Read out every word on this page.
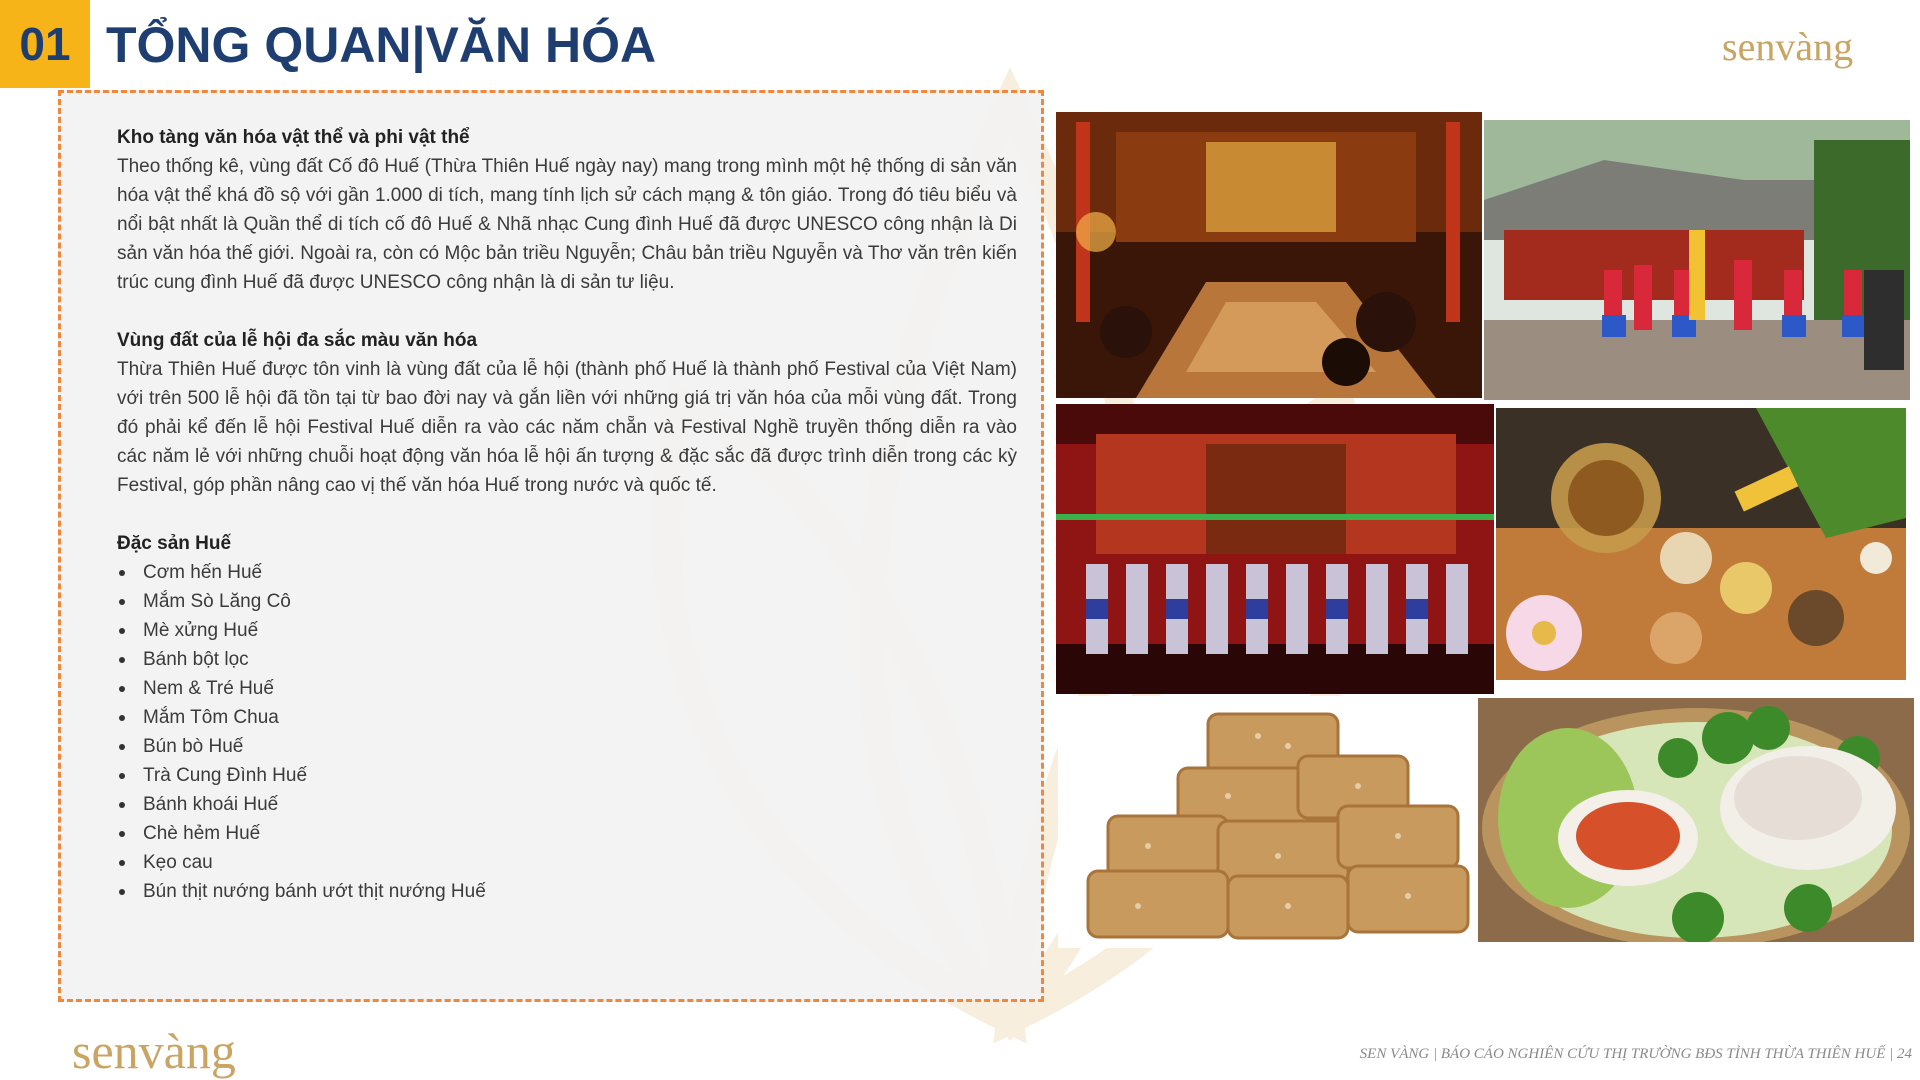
01 TỔNG QUAN|VĂN HÓA	senvàng

Kho tàng văn hóa vật thể và phi vật thể

Theo thống kê, vùng đất Cố đô Huế (Thừa Thiên Huế ngày nay) mang trong mình một hệ thống di sản văn hóa vật thể khá đồ sộ với gần 1.000 di tích, mang tính lịch sử cách mạng & tôn giáo. Trong đó tiêu biểu và nổi bật nhất là Quần thể di tích cố đô Huế & Nhã nhạc Cung đình Huế đã được UNESCO công nhận là Di sản văn hóa thế giới. Ngoài ra, còn có Mộc bản triều Nguyễn; Châu bản triều Nguyễn và Thơ văn trên kiến trúc cung đình Huế đã được UNESCO công nhận là di sản tư liệu.

Vùng đất của lễ hội đa sắc màu văn hóa

Thừa Thiên Huế được tôn vinh là vùng đất của lễ hội (thành phố Huế là thành phố Festival của Việt Nam) với trên 500 lễ hội đã tồn tại từ bao đời nay và gắn liền với những giá trị văn hóa của mỗi vùng đất. Trong đó phải kể đến lễ hội Festival Huế diễn ra vào các năm chẵn và Festival Nghề truyền thống diễn ra vào các năm lẻ với những chuỗi hoạt động văn hóa lễ hội ấn tượng & đặc sắc đã được trình diễn trong các kỳ Festival, góp phần nâng cao vị thế văn hóa Huế trong nước và quốc tế.

Đặc sản Huế

Cơm hến Huế
Mắm Sò Lăng Cô
Mè xửng Huế
Bánh bột lọc
Nem & Tré Huế
Mắm Tôm Chua
Bún bò Huế
Trà Cung Đình Huế
Bánh khoái Huế
Chè hẻm Huế
Kẹo cau
Bún thịt nướng bánh ướt thịt nướng Huế
senvàng	SEN VÀNG | BÁO CÁO NGHIÊN CỨU THỊ TRƯỜNG BĐS TỈNH THỪA THIÊN HUẾ | 24
